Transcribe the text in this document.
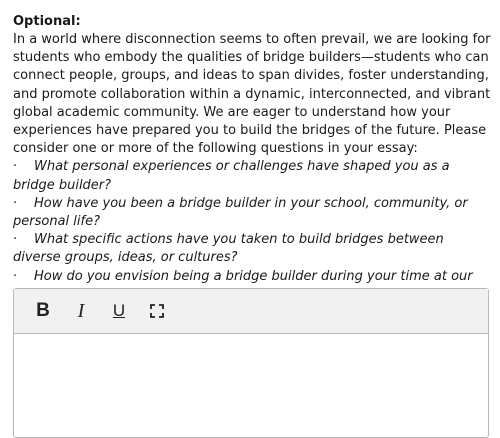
Optional:

In a world where disconnection seems to often prevail, we are looking for students who embody the qualities of bridge builders—students who can connect people, groups, and ideas to span divides, foster understanding, and promote collaboration within a dynamic, interconnected, and vibrant global academic community. We are eager to understand how your experiences have prepared you to build the bridges of the future. Please consider one or more of the following questions in your essay:

· What personal experiences or challenges have shaped you as a bridge builder?
· How have you been a bridge builder in your school, community, or personal life?
· What specific actions have you taken to build bridges between diverse groups, ideas, or cultures?
· How do you envision being a bridge builder during your time at our

B	I	U
